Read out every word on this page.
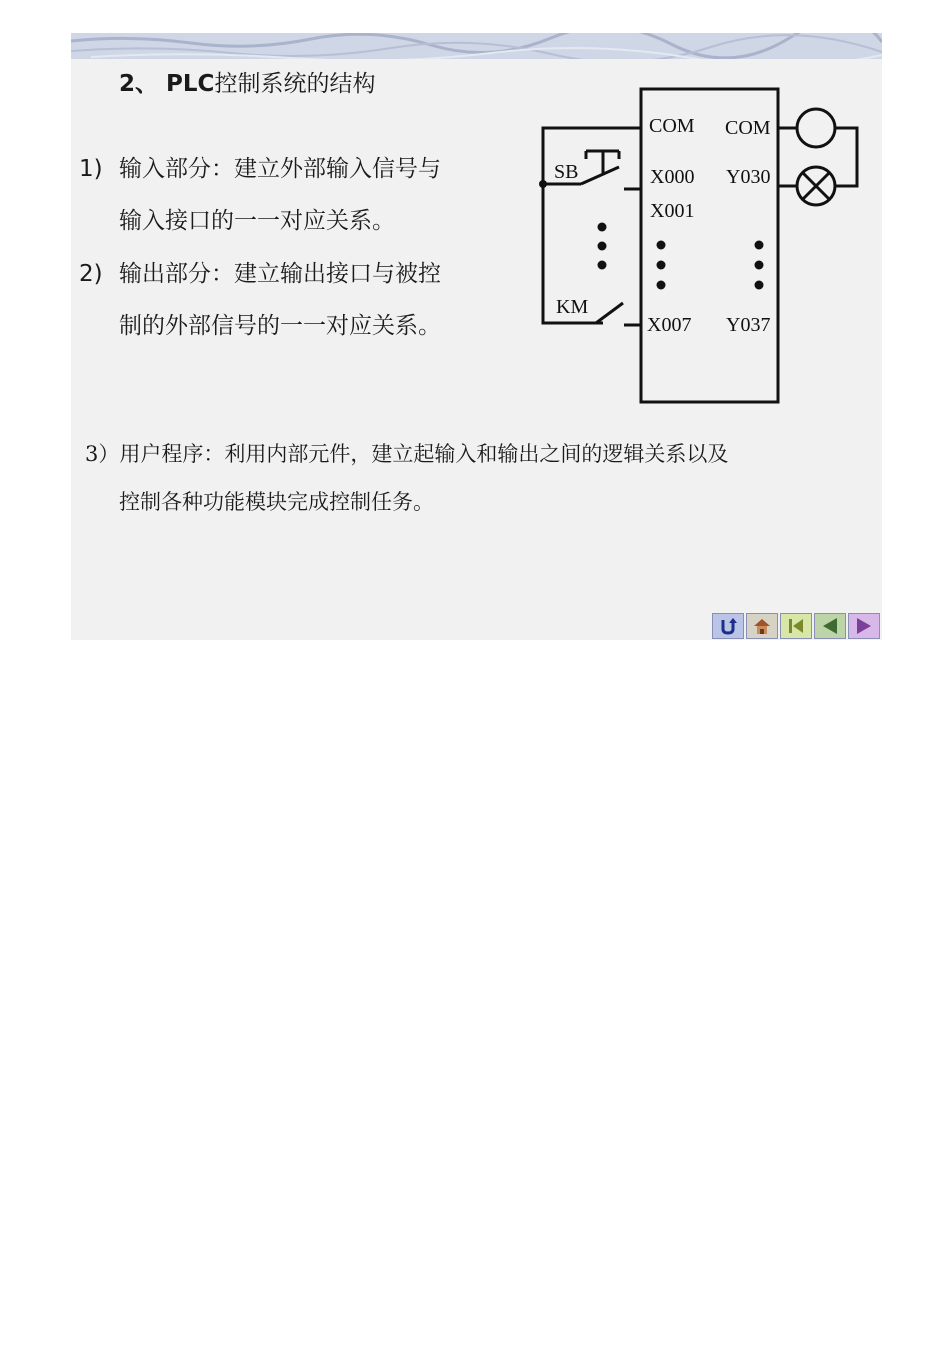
2、 PLC控制系统的结构
1) 输入部分：建立外部输入信号与
输入接口的一一对应关系。
2) 输出部分：建立输出接口与被控
制的外部信号的一一对应关系。
3）用户程序：利用内部元件，建立起输入和输出之间的逻辑关系以及
控制各种功能模块完成控制任务。
COM COM
SB	X000 Y030
X001
KM
X007 Y037
